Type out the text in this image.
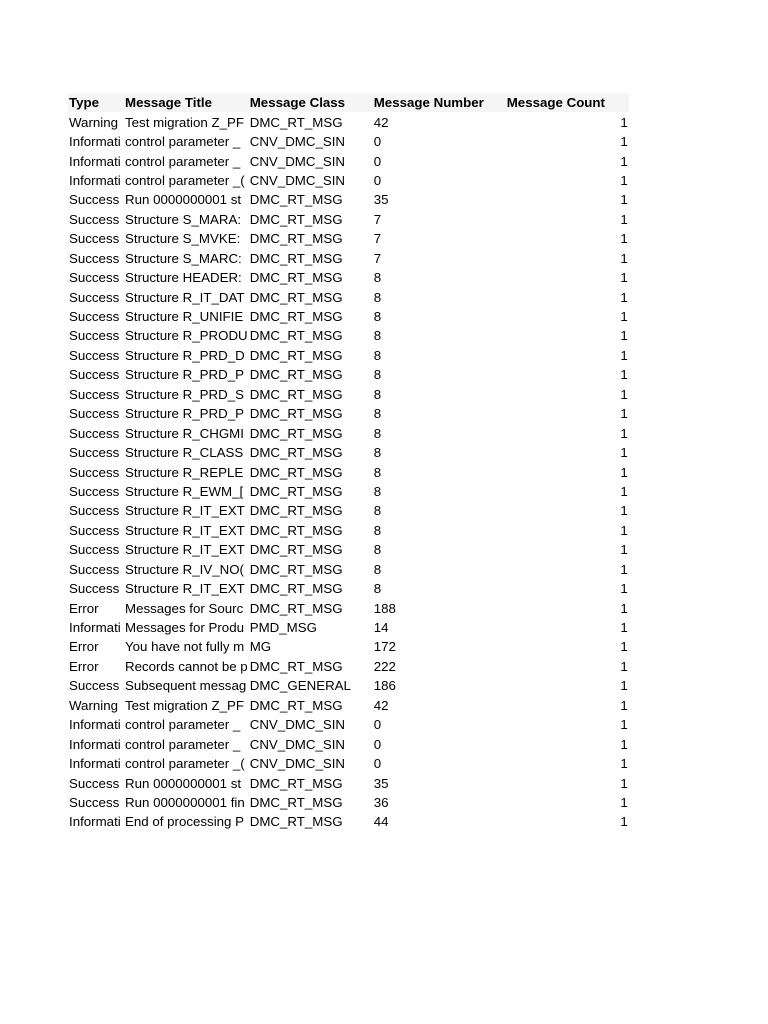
Type	Message Title	Message Class	Message Number	Message Count
Warning	Test migration Z_PF	DMC_RT_MSG	42	1
Informati	control parameter _	CNV_DMC_SIN	0	1
Informati	control parameter _	CNV_DMC_SIN	0	1
Informati	control parameter _(	CNV_DMC_SIN	0	1
Success	Run 0000000001 st	DMC_RT_MSG	35	1
Success	Structure S_MARA:	DMC_RT_MSG	7	1
Success	Structure S_MVKE:	DMC_RT_MSG	7	1
Success	Structure S_MARC:	DMC_RT_MSG	7	1
Success	Structure HEADER:	DMC_RT_MSG	8	1
Success	Structure R_IT_DAT	DMC_RT_MSG	8	1
Success	Structure R_UNIFIE	DMC_RT_MSG	8	1
Success	Structure R_PRODU	DMC_RT_MSG	8	1
Success	Structure R_PRD_D	DMC_RT_MSG	8	1
Success	Structure R_PRD_P	DMC_RT_MSG	8	1
Success	Structure R_PRD_S	DMC_RT_MSG	8	1
Success	Structure R_PRD_P	DMC_RT_MSG	8	1
Success	Structure R_CHGMI	DMC_RT_MSG	8	1
Success	Structure R_CLASS	DMC_RT_MSG	8	1
Success	Structure R_REPLE	DMC_RT_MSG	8	1
Success	Structure R_EWM_[	DMC_RT_MSG	8	1
Success	Structure R_IT_EXT	DMC_RT_MSG	8	1
Success	Structure R_IT_EXT	DMC_RT_MSG	8	1
Success	Structure R_IT_EXT	DMC_RT_MSG	8	1
Success	Structure R_IV_NO(	DMC_RT_MSG	8	1
Success	Structure R_IT_EXT	DMC_RT_MSG	8	1
Error	Messages for Sourc	DMC_RT_MSG	188	1
Informati	Messages for Produ	PMD_MSG	14	1
Error	You have not fully m	MG	172	1
Error	Records cannot be p	DMC_RT_MSG	222	1
Success	Subsequent messag	DMC_GENERAL	186	1
Warning	Test migration Z_PF	DMC_RT_MSG	42	1
Informati	control parameter _	CNV_DMC_SIN	0	1
Informati	control parameter _	CNV_DMC_SIN	0	1
Informati	control parameter _(	CNV_DMC_SIN	0	1
Success	Run 0000000001 st	DMC_RT_MSG	35	1
Success	Run 0000000001 fin	DMC_RT_MSG	36	1
Informati	End of processing P	DMC_RT_MSG	44	1
